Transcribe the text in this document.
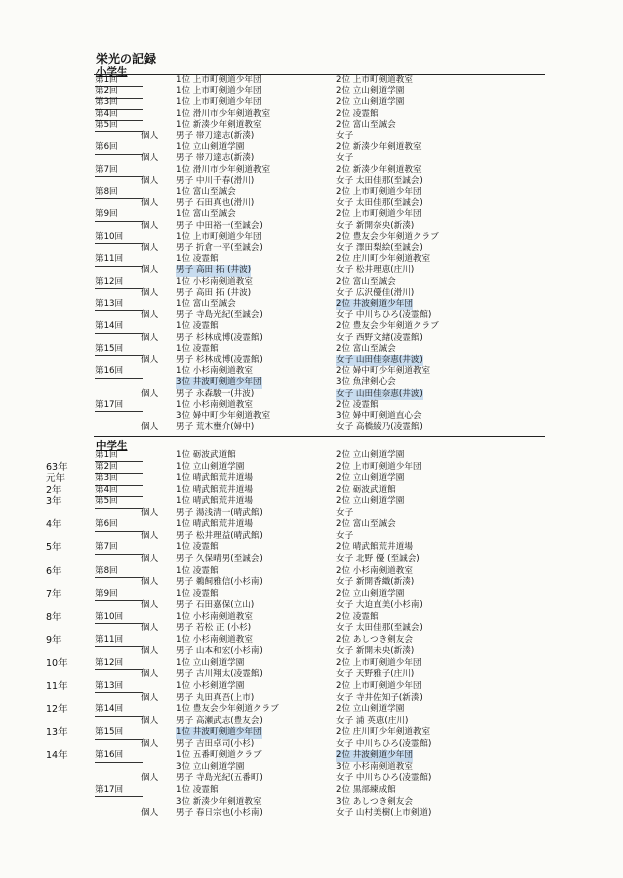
栄光の記録
小学生
第1回	1位 上市町剣道少年団	2位 上市町剣道教室
第2回	1位 上市町剣道少年団	2位 立山剣道学園
第3回	1位 上市町剣道少年団	2位 立山剣道学園
第4回	1位 滑川市少年剣道教室	2位 凌霊館
第5回	1位 新湊少年剣道教室	2位 富山至誠会
個人 男子 帯刀達志(新湊)	女子
第6回	1位 立山剣道学園	2位 新湊少年剣道教室
個人 男子 帯刀達志(新湊)	女子
第7回	1位 滑川市少年剣道教室	2位 新湊少年剣道教室
個人 男子 中川千春(滑川)	女子 太田佳那(至誠会)
第8回	1位 富山至誠会	2位 上市町剣道少年団
個人 男子 石田真也(滑川)	女子 太田佳那(至誠会)
第9回	1位 富山至誠会	2位 上市町剣道少年団
個人 男子 中田裕一(至誠会)	女子 新開奈央(新湊)
第10回	1位 上市町剣道少年団	2位 豊友会少年剣道クラブ
個人 男子 折倉一平(至誠会)	女子 澤田梨絵(至誠会)
第11回	1位 凌霊館	2位 庄川町少年剣道教室
個人 男子 高田 拓 (井波)	女子 松井理恵(庄川)
第12回	1位 小杉南剣道教室	2位 富山至誠会
個人 男子 高田 拓 (井波)	女子 広沢優佳(滑川)
第13回	1位 富山至誠会	2位 井波剣道少年団
個人 男子 寺島光紀(至誠会)	女子 中川ちひろ(凌霊館)
第14回	1位 凌霊館	2位 豊友会少年剣道クラブ
個人 男子 杉林成博(凌霊館)	女子 西野文緒(凌霊館)
第15回	1位 凌霊館	2位 富山至誠会
個人 男子 杉林成博(凌霊館)	女子 山田佳奈恵(井波)
第16回	1位 小杉南剣道教室	2位 婦中町少年剣道教室
3位 井波町剣道少年団	3位 魚津剣心会
個人 男子 永森駿一(井波)	女子 山田佳奈恵(井波)
第17回	1位 小杉南剣道教室	2位 凌霊館
3位 婦中町少年剣道教室	3位 婦中町剣道直心会
個人 男子 荒木壅介(婦中)	女子 高橋綾乃(凌霊館)
中学生
第1回	1位 砺波武道館	2位 立山剣道学園
63年	第2回	1位 立山剣道学園	2位 上市町剣道少年団
元年	第3回	1位 晴武館荒井道場	2位 立山剣道学園
2年	第4回	1位 晴武館荒井道場	2位 砺波武道館
3年	第5回	1位 晴武館荒井道場	2位 立山剣道学園
個人 男子 湯浅清一(晴武館)	女子
4年	第6回	1位 晴武館荒井道場	2位 富山至誠会
個人 男子 松井理益(晴武館)	女子
5年	第7回	1位 凌霊館	2位 晴武館荒井道場
個人 男子 久保晴男(至誠会)	女子 北野 優 (至誠会)
6年	第8回	1位 凌霊館	2位 小杉南剣道教室
個人 男子 鵜飼雅信(小杉南)	女子 新開香織(新湊)
7年	第9回	1位 凌霊館	2位 立山剣道学園
個人 男子 石田嘉保(立山)	女子 大迫直美(小杉南)
8年	第10回	1位 小杉南剣道教室	2位 凌霊館
個人 男子 若松 正 (小杉)	女子 太田佳那(至誠会)
9年	第11回	1位 小杉南剣道教室	2位 あしつき剣友会
個人 男子 山本和宏(小杉南)	女子 新開未央(新湊)
10年	第12回	1位 立山剣道学園	2位 上市町剣道少年団
個人 男子 古川翔太(凌霊館)	女子 天野雅子(庄川)
11年	第13回	1位 小杉剣道学園	2位 上市町剣道少年団
個人 男子 丸田真吾(上市)	女子 寺井佐知子(新湊)
12年	第14回	1位 豊友会少年剣道クラブ	2位 立山剣道学園
個人 男子 高瀬武志(豊友会)	女子 浦 英恵(庄川)
13年	第15回	1位 井波町剣道少年団	2位 庄川町少年剣道教室
個人 男子 吉田卓司(小杉)	女子 中川ちひろ(凌霊館)
14年	第16回	1位 五番町剣道クラブ	2位 井波剣道少年団
3位 立山剣道学園	3位 小杉南剣道教室
個人 男子 寺島光紀(五番町)	女子 中川ちひろ(凌霊館)
第17回	1位 凌霊館	2位 黒部練成館
3位 新湊少年剣道教室	3位 あしつき剣友会
個人 男子 春日宗也(小杉南)	女子 山村美樹(上市剣道)
